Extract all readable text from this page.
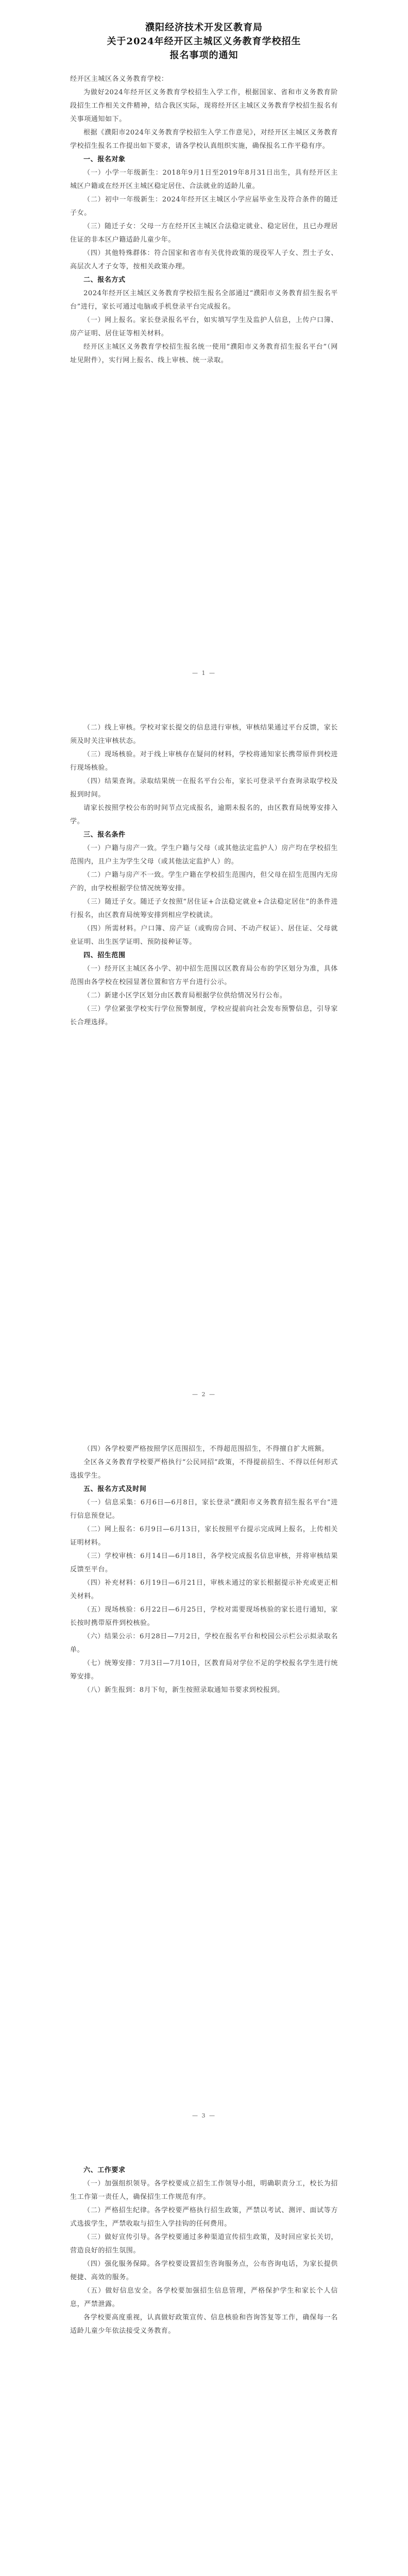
濮阳经济技术开发区教育局
关于2024年经开区主城区义务教育学校招生
报名事项的通知
经开区主城区各义务教育学校：
为做好2024年经开区义务教育学校招生入学工作，根据国家、省和市义务教育阶段招生工作相关文件精神，结合我区实际，现将经开区主城区义务教育学校招生报名有关事项通知如下。
根据《濮阳市2024年义务教育学校招生入学工作意见》，对经开区主城区义务教育学校招生报名工作提出如下要求，请各学校认真组织实施，确保报名工作平稳有序。
一、报名对象
（一）小学一年级新生：2018年9月1日至2019年8月31日出生，具有经开区主城区户籍或在经开区主城区稳定居住、合法就业的适龄儿童。
（二）初中一年级新生：2024年经开区主城区小学应届毕业生及符合条件的随迁子女。
（三）随迁子女：父母一方在经开区主城区合法稳定就业、稳定居住，且已办理居住证的非本区户籍适龄儿童少年。
（四）其他特殊群体：符合国家和省市有关优待政策的现役军人子女、烈士子女、高层次人才子女等，按相关政策办理。
二、报名方式
2024年经开区主城区义务教育学校招生报名全部通过“濮阳市义务教育招生报名平台”进行，家长可通过电脑或手机登录平台完成报名。
（一）网上报名。家长登录报名平台，如实填写学生及监护人信息，上传户口簿、房产证明、居住证等相关材料。
经开区主城区义务教育学校招生报名统一使用“濮阳市义务教育招生报名平台”（网址见附件），实行网上报名、线上审核、统一录取。
— 1 —
（二）线上审核。学校对家长提交的信息进行审核，审核结果通过平台反馈，家长须及时关注审核状态。
（三）现场核验。对于线上审核存在疑问的材料，学校将通知家长携带原件到校进行现场核验。
（四）结果查询。录取结果统一在报名平台公布，家长可登录平台查询录取学校及报到时间。
请家长按照学校公布的时间节点完成报名，逾期未报名的，由区教育局统筹安排入学。
三、报名条件
（一）户籍与房产一致。学生户籍与父母（或其他法定监护人）房产均在学校招生范围内，且户主为学生父母（或其他法定监护人）的。
（二）户籍与房产不一致。学生户籍在学校招生范围内，但父母在招生范围内无房产的，由学校根据学位情况统筹安排。
（三）随迁子女。随迁子女按照“居住证+合法稳定就业+合法稳定居住”的条件进行报名，由区教育局统筹安排到相应学校就读。
（四）所需材料。户口簿、房产证（或购房合同、不动产权证）、居住证、父母就业证明、出生医学证明、预防接种证等。
四、招生范围
（一）经开区主城区各小学、初中招生范围以区教育局公布的学区划分为准，具体范围由各学校在校园显著位置和官方平台进行公示。
（二）新建小区学区划分由区教育局根据学位供给情况另行公布。
（三）学位紧张学校实行学位预警制度，学校应提前向社会发布预警信息，引导家长合理选择。
— 2 —
（四）各学校要严格按照学区范围招生，不得超范围招生，不得擅自扩大班额。
全区各义务教育学校要严格执行“公民同招”政策，不得提前招生、不得以任何形式选拔学生。
五、报名方式及时间
（一）信息采集：6月6日—6月8日，家长登录“濮阳市义务教育招生报名平台”进行信息预登记。
（二）网上报名：6月9日—6月13日，家长按照平台提示完成网上报名，上传相关证明材料。
（三）学校审核：6月14日—6月18日，各学校完成报名信息审核，并将审核结果反馈至平台。
（四）补充材料：6月19日—6月21日，审核未通过的家长根据提示补充或更正相关材料。
（五）现场核验：6月22日—6月25日，学校对需要现场核验的家长进行通知，家长按时携带原件到校核验。
（六）结果公示：6月28日—7月2日，学校在报名平台和校园公示栏公示拟录取名单。
（七）统筹安排：7月3日—7月10日，区教育局对学位不足的学校报名学生进行统筹安排。
（八）新生报到：8月下旬，新生按照录取通知书要求到校报到。
— 3 —
六、工作要求
（一）加强组织领导。各学校要成立招生工作领导小组，明确职责分工，校长为招生工作第一责任人，确保招生工作规范有序。
（二）严格招生纪律。各学校要严格执行招生政策，严禁以考试、测评、面试等方式选拔学生，严禁收取与招生入学挂钩的任何费用。
（三）做好宣传引导。各学校要通过多种渠道宣传招生政策，及时回应家长关切，营造良好的招生氛围。
（四）强化服务保障。各学校要设置招生咨询服务点，公布咨询电话，为家长提供便捷、高效的服务。
（五）做好信息安全。各学校要加强招生信息管理，严格保护学生和家长个人信息，严禁泄露。
各学校要高度重视，认真做好政策宣传、信息核验和咨询答复等工作，确保每一名适龄儿童少年依法接受义务教育。
